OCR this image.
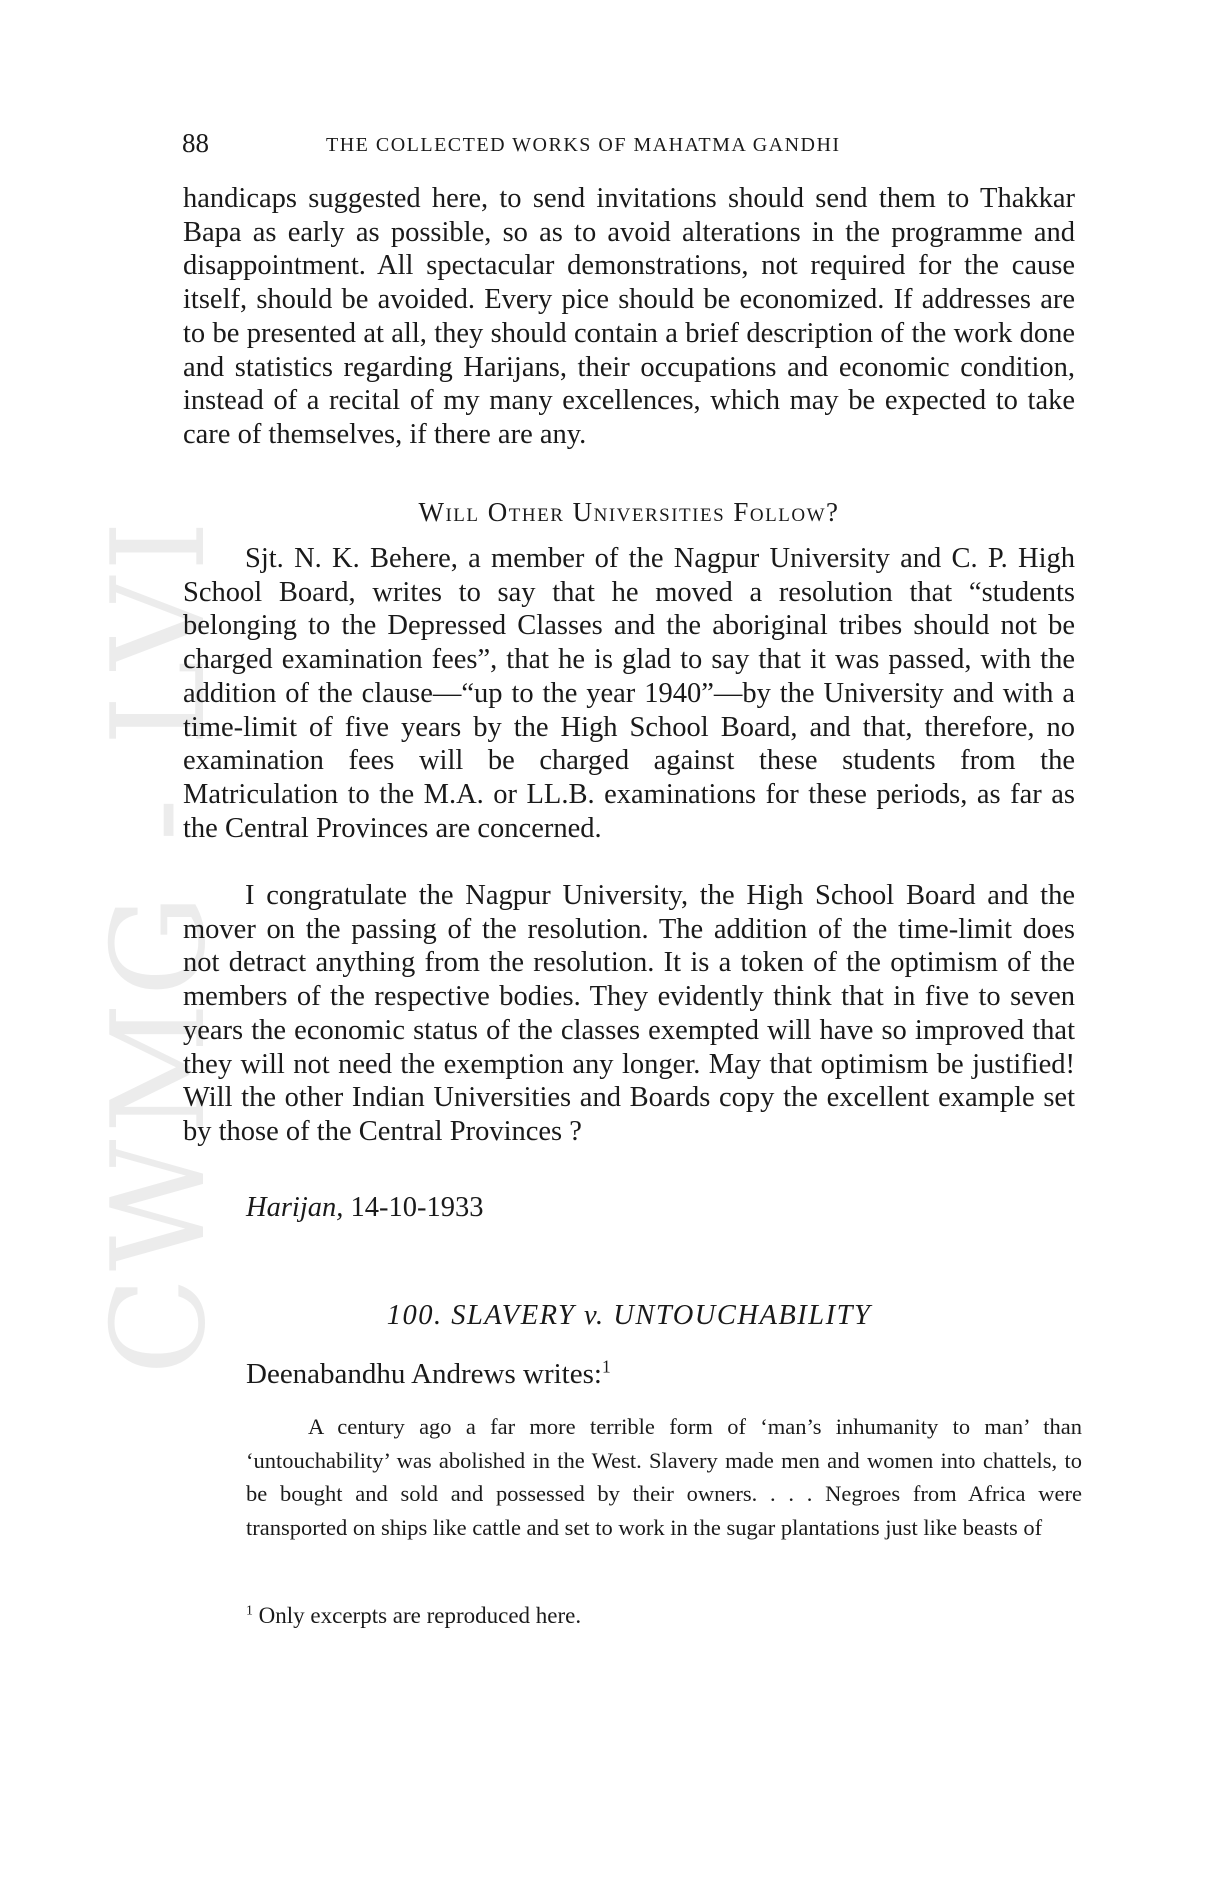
CWMG - LVI
88	THE COLLECTED WORKS OF MAHATMA GANDHI

handicaps suggested here, to send invitations should send them to Thakkar Bapa as early as possible, so as to avoid alterations in the programme and disappointment. All spectacular demonstrations, not required for the cause itself, should be avoided. Every pice should be economized. If addresses are to be presented at all, they should contain a brief description of the work done and statistics regarding Harijans, their occupations and economic condition, instead of a recital of my many excellences, which may be expected to take care of themselves, if there are any.

Will Other Universities Follow?

Sjt. N. K. Behere, a member of the Nagpur University and C. P. High School Board, writes to say that he moved a resolution that “students belonging to the Depressed Classes and the aboriginal tribes should not be charged examination fees”, that he is glad to say that it was passed, with the addition of the clause—“up to the year 1940”—by the University and with a time-limit of five years by the High School Board, and that, therefore, no examination fees will be charged against these students from the Matriculation to the M.A. or LL.B. examinations for these periods, as far as the Central Provinces are concerned.

I congratulate the Nagpur University, the High School Board and the mover on the passing of the resolution. The addition of the time-limit does not detract anything from the resolution. It is a token of the optimism of the members of the respective bodies. They evidently think that in five to seven years the economic status of the classes exempted will have so improved that they will not need the exemption any longer. May that optimism be justified! Will the other Indian Universities and Boards copy the excellent example set by those of the Central Provinces ?

Harijan, 14-10-1933
100. SLAVERY v. UNTOUCHABILITY
Deenabandhu Andrews writes:$^1$

A century ago a far more terrible form of ‘man’s inhumanity to man’ than ‘untouchability’ was abolished in the West. Slavery made men and women into chattels, to be bought and sold and possessed by their owners. . . . Negroes from Africa were transported on ships like cattle and set to work in the sugar plantations just like beasts of

$^1$ Only excerpts are reproduced here.
